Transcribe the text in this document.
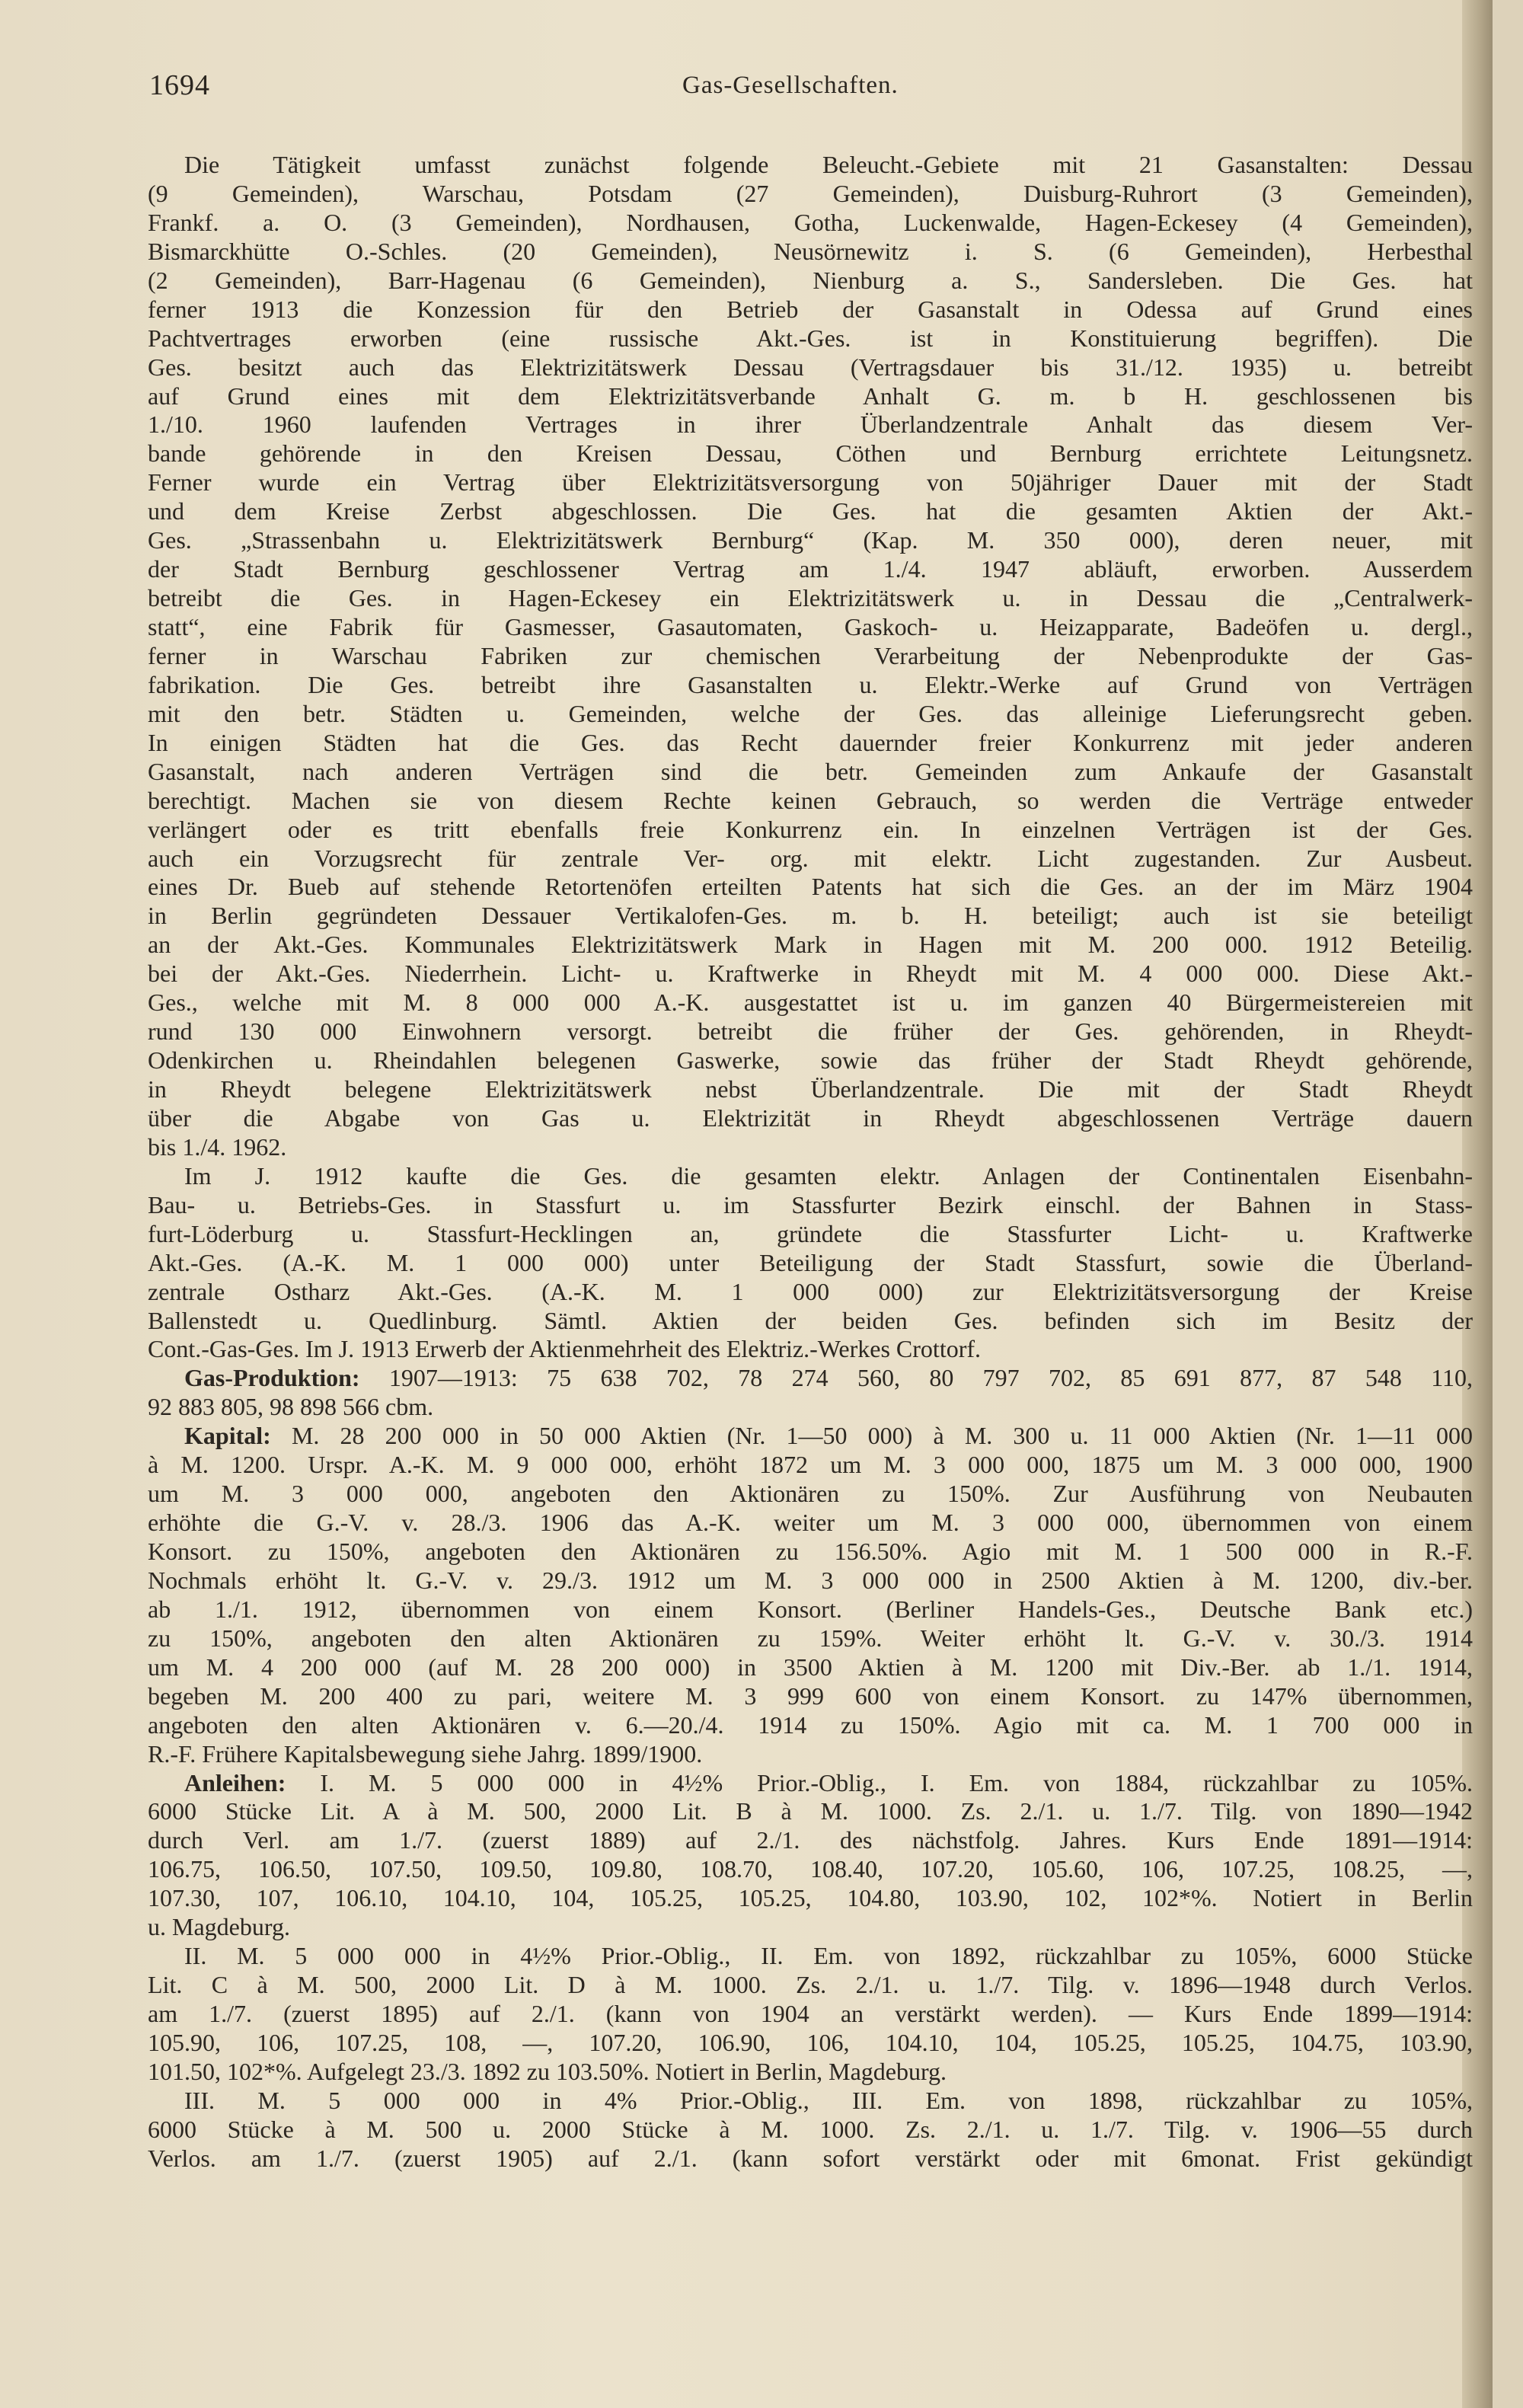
1694	Gas-Gesellschaften.
Die Tätigkeit umfasst zunächst folgende Beleucht.-Gebiete mit 21 Gasanstalten: Dessau
(9 Gemeinden), Warschau, Potsdam (27 Gemeinden), Duisburg-Ruhrort (3 Gemeinden),
Frankf. a. O. (3 Gemeinden), Nordhausen, Gotha, Luckenwalde, Hagen-Eckesey (4 Gemeinden),
Bismarckhütte O.-Schles. (20 Gemeinden), Neusörnewitz i. S. (6 Gemeinden), Herbesthal
(2 Gemeinden), Barr-Hagenau (6 Gemeinden), Nienburg a. S., Sandersleben. Die Ges. hat
ferner 1913 die Konzession für den Betrieb der Gasanstalt in Odessa auf Grund eines
Pachtvertrages erworben (eine russische Akt.-Ges. ist in Konstituierung begriffen). Die
Ges. besitzt auch das Elektrizitätswerk Dessau (Vertragsdauer bis 31./12. 1935) u. betreibt
auf Grund eines mit dem Elektrizitätsverbande Anhalt G. m. b H. geschlossenen bis
1./10. 1960 laufenden Vertrages in ihrer Überlandzentrale Anhalt das diesem Ver-
bande gehörende in den Kreisen Dessau, Cöthen und Bernburg errichtete Leitungsnetz.
Ferner wurde ein Vertrag über Elektrizitätsversorgung von 50jähriger Dauer mit der Stadt
und dem Kreise Zerbst abgeschlossen. Die Ges. hat die gesamten Aktien der Akt.-
Ges. „Strassenbahn u. Elektrizitätswerk Bernburg“ (Kap. M. 350 000), deren neuer, mit
der Stadt Bernburg geschlossener Vertrag am 1./4. 1947 abläuft, erworben. Ausserdem
betreibt die Ges. in Hagen-Eckesey ein Elektrizitätswerk u. in Dessau die „Centralwerk-
statt“, eine Fabrik für Gasmesser, Gasautomaten, Gaskoch- u. Heizapparate, Badeöfen u. dergl.,
ferner in Warschau Fabriken zur chemischen Verarbeitung der Nebenprodukte der Gas-
fabrikation. Die Ges. betreibt ihre Gasanstalten u. Elektr.-Werke auf Grund von Verträgen
mit den betr. Städten u. Gemeinden, welche der Ges. das alleinige Lieferungsrecht geben.
In einigen Städten hat die Ges. das Recht dauernder freier Konkurrenz mit jeder anderen
Gasanstalt, nach anderen Verträgen sind die betr. Gemeinden zum Ankaufe der Gasanstalt
berechtigt. Machen sie von diesem Rechte keinen Gebrauch, so werden die Verträge entweder
verlängert oder es tritt ebenfalls freie Konkurrenz ein. In einzelnen Verträgen ist der Ges.
auch ein Vorzugsrecht für zentrale Ver- org. mit elektr. Licht zugestanden. Zur Ausbeut.
eines Dr. Bueb auf stehende Retortenöfen erteilten Patents hat sich die Ges. an der im März 1904
in Berlin gegründeten Dessauer Vertikalofen-Ges. m. b. H. beteiligt; auch ist sie beteiligt
an der Akt.-Ges. Kommunales Elektrizitätswerk Mark in Hagen mit M. 200 000. 1912 Beteilig.
bei der Akt.-Ges. Niederrhein. Licht- u. Kraftwerke in Rheydt mit M. 4 000 000. Diese Akt.-
Ges., welche mit M. 8 000 000 A.-K. ausgestattet ist u. im ganzen 40 Bürgermeistereien mit
rund 130 000 Einwohnern versorgt. betreibt die früher der Ges. gehörenden, in Rheydt-
Odenkirchen u. Rheindahlen belegenen Gaswerke, sowie das früher der Stadt Rheydt gehörende,
in Rheydt belegene Elektrizitätswerk nebst Überlandzentrale. Die mit der Stadt Rheydt
über die Abgabe von Gas u. Elektrizität in Rheydt abgeschlossenen Verträge dauern
bis 1./4. 1962.
Im J. 1912 kaufte die Ges. die gesamten elektr. Anlagen der Continentalen Eisenbahn-
Bau- u. Betriebs-Ges. in Stassfurt u. im Stassfurter Bezirk einschl. der Bahnen in Stass-
furt-Löderburg u. Stassfurt-Hecklingen an, gründete die Stassfurter Licht- u. Kraftwerke
Akt.-Ges. (A.-K. M. 1 000 000) unter Beteiligung der Stadt Stassfurt, sowie die Überland-
zentrale Ostharz Akt.-Ges. (A.-K. M. 1 000 000) zur Elektrizitätsversorgung der Kreise
Ballenstedt u. Quedlinburg. Sämtl. Aktien der beiden Ges. befinden sich im Besitz der
Cont.-Gas-Ges. Im J. 1913 Erwerb der Aktienmehrheit des Elektriz.-Werkes Crottorf.
Gas-Produktion: 1907—1913: 75 638 702, 78 274 560, 80 797 702, 85 691 877, 87 548 110,
92 883 805, 98 898 566 cbm.
Kapital: M. 28 200 000 in 50 000 Aktien (Nr. 1—50 000) à M. 300 u. 11 000 Aktien (Nr. 1—11 000
à M. 1200. Urspr. A.-K. M. 9 000 000, erhöht 1872 um M. 3 000 000, 1875 um M. 3 000 000, 1900
um M. 3 000 000, angeboten den Aktionären zu 150%. Zur Ausführung von Neubauten
erhöhte die G.-V. v. 28./3. 1906 das A.-K. weiter um M. 3 000 000, übernommen von einem
Konsort. zu 150%, angeboten den Aktionären zu 156.50%. Agio mit M. 1 500 000 in R.-F.
Nochmals erhöht lt. G.-V. v. 29./3. 1912 um M. 3 000 000 in 2500 Aktien à M. 1200, div.-ber.
ab 1./1. 1912, übernommen von einem Konsort. (Berliner Handels-Ges., Deutsche Bank etc.)
zu 150%, angeboten den alten Aktionären zu 159%. Weiter erhöht lt. G.-V. v. 30./3. 1914
um M. 4 200 000 (auf M. 28 200 000) in 3500 Aktien à M. 1200 mit Div.-Ber. ab 1./1. 1914,
begeben M. 200 400 zu pari, weitere M. 3 999 600 von einem Konsort. zu 147% übernommen,
angeboten den alten Aktionären v. 6.—20./4. 1914 zu 150%. Agio mit ca. M. 1 700 000 in
R.-F. Frühere Kapitalsbewegung siehe Jahrg. 1899/1900.
Anleihen: I. M. 5 000 000 in 4½% Prior.-Oblig., I. Em. von 1884, rückzahlbar zu 105%.
6000 Stücke Lit. A à M. 500, 2000 Lit. B à M. 1000. Zs. 2./1. u. 1./7. Tilg. von 1890—1942
durch Verl. am 1./7. (zuerst 1889) auf 2./1. des nächstfolg. Jahres. Kurs Ende 1891—1914:
106.75, 106.50, 107.50, 109.50, 109.80, 108.70, 108.40, 107.20, 105.60, 106, 107.25, 108.25, —,
107.30, 107, 106.10, 104.10, 104, 105.25, 105.25, 104.80, 103.90, 102, 102*%. Notiert in Berlin
u. Magdeburg.
II. M. 5 000 000 in 4½% Prior.-Oblig., II. Em. von 1892, rückzahlbar zu 105%, 6000 Stücke
Lit. C à M. 500, 2000 Lit. D à M. 1000. Zs. 2./1. u. 1./7. Tilg. v. 1896—1948 durch Verlos.
am 1./7. (zuerst 1895) auf 2./1. (kann von 1904 an verstärkt werden). — Kurs Ende 1899—1914:
105.90, 106, 107.25, 108, —, 107.20, 106.90, 106, 104.10, 104, 105.25, 105.25, 104.75, 103.90,
101.50, 102*%. Aufgelegt 23./3. 1892 zu 103.50%. Notiert in Berlin, Magdeburg.
III. M. 5 000 000 in 4% Prior.-Oblig., III. Em. von 1898, rückzahlbar zu 105%,
6000 Stücke à M. 500 u. 2000 Stücke à M. 1000. Zs. 2./1. u. 1./7. Tilg. v. 1906—55 durch
Verlos. am 1./7. (zuerst 1905) auf 2./1. (kann sofort verstärkt oder mit 6monat. Frist gekündigt
